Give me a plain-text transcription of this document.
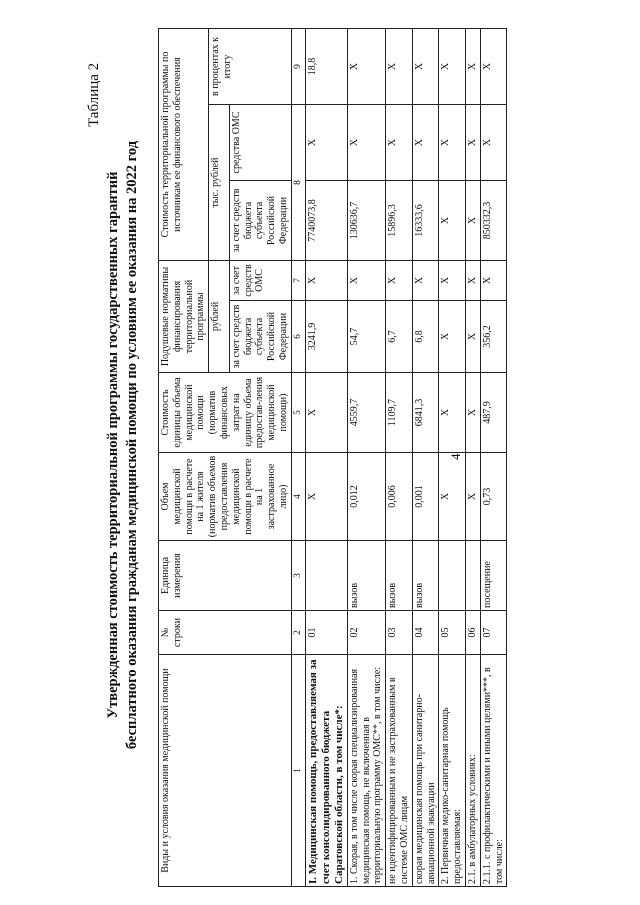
4
Таблица 2
Утвержденная стоимость территориальной программы государственных гарантий бесплатного оказания гражданам медицинской помощи по условиям ее оказания на 2022 год
Виды и условия оказания медицинской помощи	№ строки	Единица измерения	Объем медицинской помощи в расчете на 1 жителя (норматив объемов предоставления медицинской помощи в расчете на 1 застрахованное лицо)	Стоимость единицы объема медицинской помощи (норматив финансовых затрат на единицу объема предостав-ления медицинской помощи)	Подушевые нормативы финансирования территориальной программы		Стоимость территориальной программы по источникам ее финансового обеспечения		
					рублей		тыс. рублей		в процентах к итогу
					за счет средств бюджета субъекта Российской Федерации	за счет средств ОМС	за счет средств бюджета субъекта Российской Федерации	средства ОМС	
1	2	3	4	5	6	7	8		9
I. Медицинская помощь, предоставляемая за счет консолидированного бюджета Саратовской области, в том числе*:	01		X	X	3241,9	X	7740073,8	X	18,8
1. Скорая, в том числе скорая специализированная медицинская помощь, не включенная в территориальную программу ОМС**, в том числе:	02	вызов	0,012	4559,7	54,7	X	130636,7	X	X
не идентифицированным и не застрахованным в системе ОМС лицам	03	вызов	0,006	1109,7	6,7	X	15896,3	X	X
скорая медицинская помощь при санитарно-авиационной эвакуации	04	вызов	0,001	6841,3	6,8	X	16333,6	X	X
2. Первичная медико-санитарная помощь предоставляемая:	05		X	X	X	X	X	X	X
2.1. в амбулаторных условиях:	06		X	X	X	X	X	X	X
2.1.1. с профилактическими и иными целями***, в том числе:	07	посещение	0,73	487,9	356,2	X	850332,3	X	X
